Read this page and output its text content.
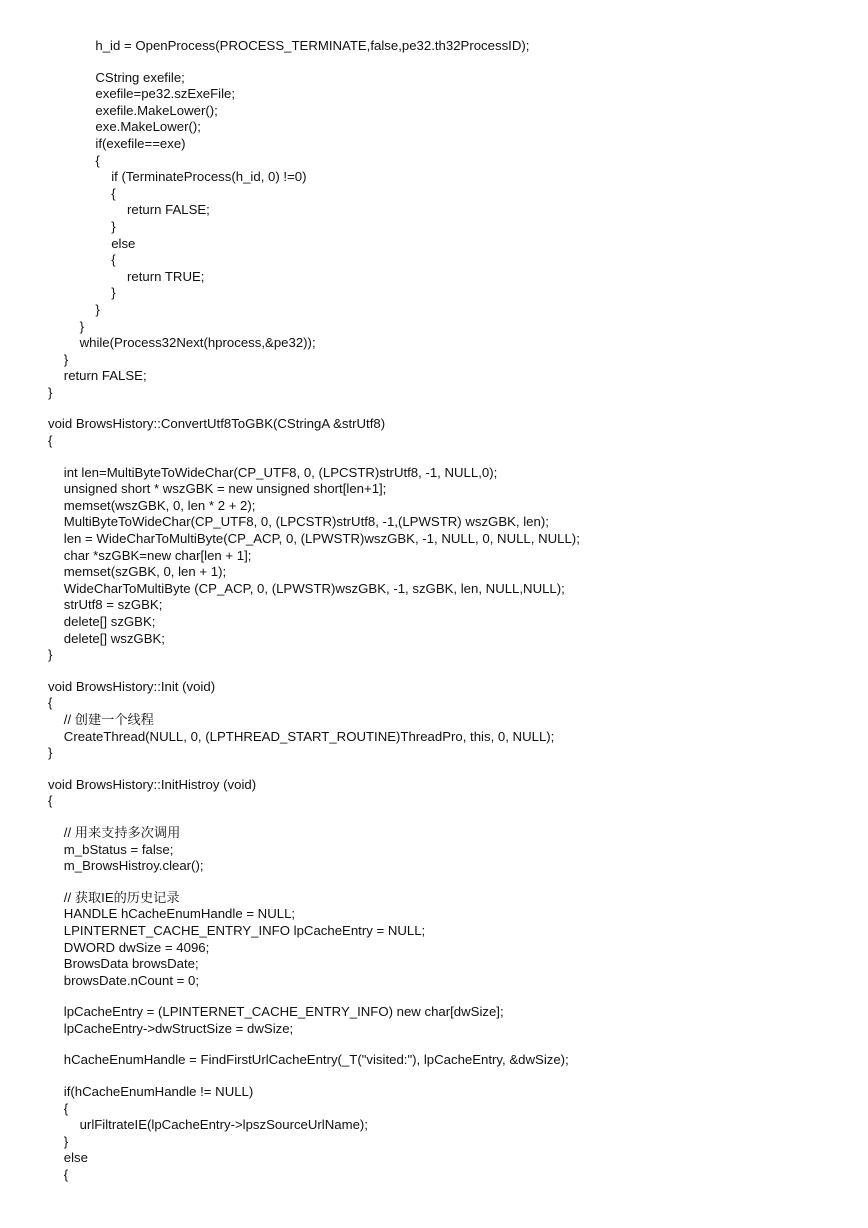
h_id = OpenProcess(PROCESS_TERMINATE,false,pe32.th32ProcessID);
CString exefile;
exefile=pe32.szExeFile;
exefile.MakeLower();
exe.MakeLower();
if(exefile==exe)
{
if (TerminateProcess(h_id, 0) !=0)
{
return FALSE;
}
else
{
return TRUE;
}
}
}
while(Process32Next(hprocess,&pe32));
}
return FALSE;
}
void BrowsHistory::ConvertUtf8ToGBK(CStringA &strUtf8)
{
int len=MultiByteToWideChar(CP_UTF8, 0, (LPCSTR)strUtf8, -1, NULL,0);
unsigned short * wszGBK = new unsigned short[len+1];
memset(wszGBK, 0, len * 2 + 2);
MultiByteToWideChar(CP_UTF8, 0, (LPCSTR)strUtf8, -1,(LPWSTR) wszGBK, len);
len = WideCharToMultiByte(CP_ACP, 0, (LPWSTR)wszGBK, -1, NULL, 0, NULL, NULL);
char *szGBK=new char[len + 1];
memset(szGBK, 0, len + 1);
WideCharToMultiByte (CP_ACP, 0, (LPWSTR)wszGBK, -1, szGBK, len, NULL,NULL);
strUtf8 = szGBK;
delete[] szGBK;
delete[] wszGBK;
}
void BrowsHistory::Init (void)
{
// 创建一个线程
CreateThread(NULL, 0, (LPTHREAD_START_ROUTINE)ThreadPro, this, 0, NULL);
}
void BrowsHistory::InitHistroy (void)
{
// 用来支持多次调用
m_bStatus = false;
m_BrowsHistroy.clear();
// 获取IE的历史记录
HANDLE hCacheEnumHandle = NULL;
LPINTERNET_CACHE_ENTRY_INFO lpCacheEntry = NULL;
DWORD dwSize = 4096;
BrowsData browsDate;
browsDate.nCount = 0;
lpCacheEntry = (LPINTERNET_CACHE_ENTRY_INFO) new char[dwSize];
lpCacheEntry->dwStructSize = dwSize;
hCacheEnumHandle = FindFirstUrlCacheEntry(_T("visited:"), lpCacheEntry, &dwSize);
if(hCacheEnumHandle != NULL)
{
urlFiltrateIE(lpCacheEntry->lpszSourceUrlName);
}
else
{
